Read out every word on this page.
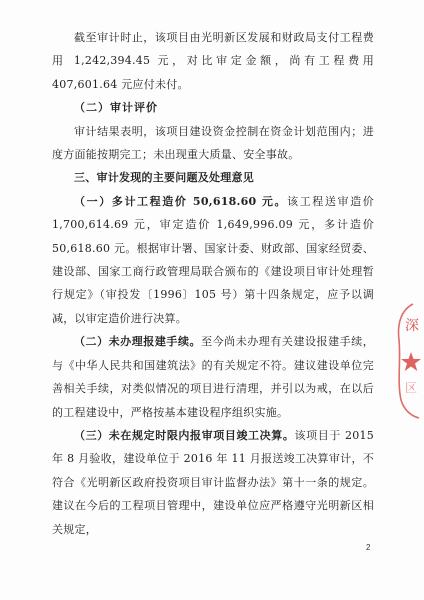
截至审计时止，该项目由光明新区发展和财政局支付工程费用 1,242,394.45 元，对比审定金额，尚有工程费用 407,601.64 元应付未付。

（二）审计评价

审计结果表明，该项目建设资金控制在资金计划范围内；进度方面能按期完工；未出现重大质量、安全事故。

三、审计发现的主要问题及处理意见

（一）多计工程造价 50,618.60 元。该工程送审造价 1,700,614.69 元，审定造价 1,649,996.09 元，多计造价 50,618.60 元。根据审计署、国家计委、财政部、国家经贸委、建设部、国家工商行政管理局联合颁布的《建设项目审计处理暂行规定》（审投发〔1996〕105 号）第十四条规定，应予以调减，以审定造价进行决算。

（二）未办理报建手续。至今尚未办理有关建设报建手续，与《中华人民共和国建筑法》的有关规定不符。建议建设单位完善相关手续，对类似情况的项目进行清理，并引以为戒，在以后的工程建设中，严格按基本建设程序组织实施。

（三）未在规定时限内报审项目竣工决算。该项目于 2015 年 8 月验收，建设单位于 2016 年 11 月报送竣工决算审计，不符合《光明新区政府投资项目审计监督办法》第十一条的规定。建议在今后的工程项目管理中，建设单位应严格遵守光明新区相关规定，

深
区
2
